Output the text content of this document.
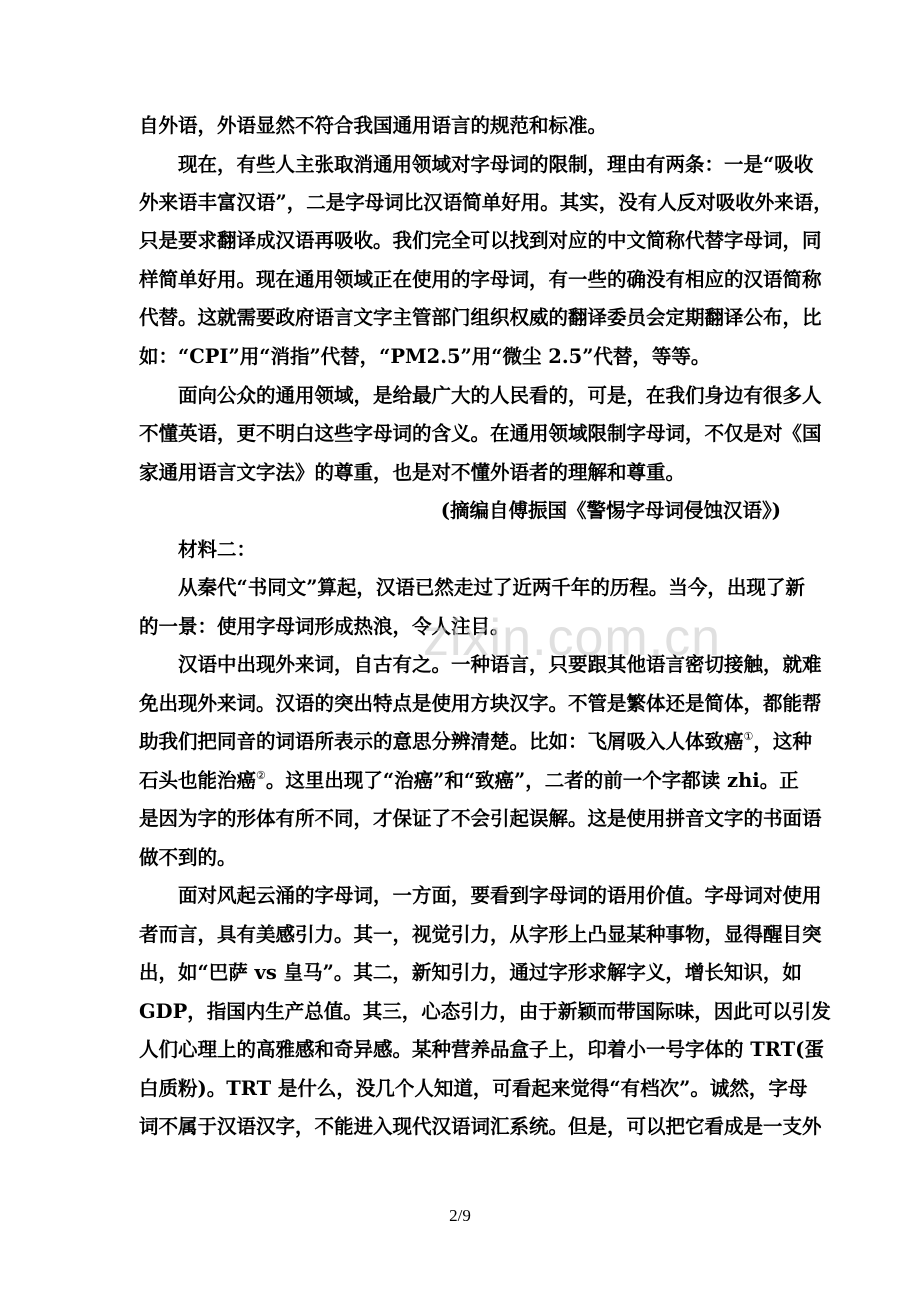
自外语，外语显然不符合我国通用语言的规范和标准。
现在，有些人主张取消通用领域对字母词的限制，理由有两条：一是“吸收
外来语丰富汉语”，二是字母词比汉语简单好用。其实，没有人反对吸收外来语，
只是要求翻译成汉语再吸收。我们完全可以找到对应的中文简称代替字母词，同
样简单好用。现在通用领域正在使用的字母词，有一些的确没有相应的汉语简称
代替。这就需要政府语言文字主管部门组织权威的翻译委员会定期翻译公布，比
如：“CPI”用“消指”代替，“PM2.5”用“微尘 2.5”代替，等等。
面向公众的通用领域，是给最广大的人民看的，可是，在我们身边有很多人
不懂英语，更不明白这些字母词的含义。在通用领域限制字母词，不仅是对《国
家通用语言文字法》的尊重，也是对不懂外语者的理解和尊重。
(摘编自傅振国《警惕字母词侵蚀汉语》)
材料二：
从秦代“书同文”算起，汉语已然走过了近两千年的历程。当今，出现了新
的一景：使用字母词形成热浪，令人注目。
汉语中出现外来词，自古有之。一种语言，只要跟其他语言密切接触，就难
免出现外来词。汉语的突出特点是使用方块汉字。不管是繁体还是简体，都能帮
助我们把同音的词语所表示的意思分辨清楚。比如：飞屑吸入人体致癌①，这种
石头也能治癌②。这里出现了“治癌”和“致癌”，二者的前一个字都读 zhi。正
是因为字的形体有所不同，才保证了不会引起误解。这是使用拼音文字的书面语
做不到的。
面对风起云涌的字母词，一方面，要看到字母词的语用价值。字母词对使用
者而言，具有美感引力。其一，视觉引力，从字形上凸显某种事物，显得醒目突
出，如“巴萨 vs 皇马”。其二，新知引力，通过字形求解字义，增长知识，如
GDP，指国内生产总值。其三，心态引力，由于新颖而带国际味，因此可以引发
人们心理上的高雅感和奇异感。某种营养品盒子上，印着小一号字体的 TRT(蛋
白质粉)。TRT 是什么，没几个人知道，可看起来觉得“有档次”。诚然，字母
词不属于汉语汉字，不能进入现代汉语词汇系统。但是，可以把它看成是一支外
zixin.com.cn
2/9
